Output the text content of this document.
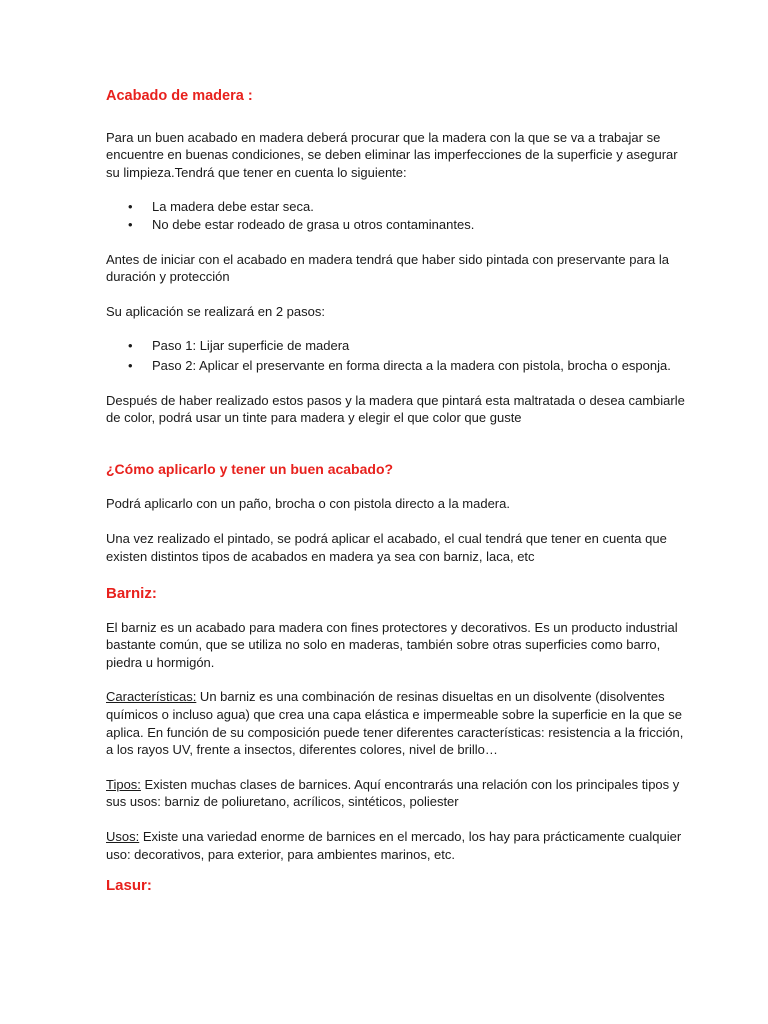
Acabado de madera :

Para un buen acabado en madera deberá procurar que la madera con la que se va a trabajar se encuentre en buenas condiciones, se deben eliminar las imperfecciones de la superficie y asegurar su limpieza.Tendrá que tener en cuenta lo siguiente:

• La madera debe estar seca.
• No debe estar rodeado de grasa u otros contaminantes.

Antes de iniciar con el acabado en madera tendrá que haber sido pintada con preservante para la duración y protección

Su aplicación se realizará en 2 pasos:

• Paso 1: Lijar superficie de madera
• Paso 2: Aplicar el preservante en forma directa a la madera con pistola, brocha o esponja.

Después de haber realizado estos pasos y la madera que pintará esta maltratada o desea cambiarle de color, podrá usar un tinte para madera y elegir el que color que guste

¿Cómo aplicarlo y tener un buen acabado?

Podrá aplicarlo con un paño, brocha o con pistola directo a la madera.

Una vez realizado el pintado, se podrá aplicar el acabado, el cual tendrá que tener en cuenta que existen distintos tipos de acabados en madera ya sea con barniz, laca, etc

Barniz:

El barniz es un acabado para madera con fines protectores y decorativos. Es un producto industrial bastante común, que se utiliza no solo en maderas, también sobre otras superficies como barro, piedra u hormigón.

Características: Un barniz es una combinación de resinas disueltas en un disolvente (disolventes químicos o incluso agua) que crea una capa elástica e impermeable sobre la superficie en la que se aplica. En función de su composición puede tener diferentes características: resistencia a la fricción, a los rayos UV, frente a insectos, diferentes colores, nivel de brillo…

Tipos: Existen muchas clases de barnices. Aquí encontrarás una relación con los principales tipos y sus usos: barniz de poliuretano, acrílicos, sintéticos, poliester

Usos: Existe una variedad enorme de barnices en el mercado, los hay para prácticamente cualquier uso: decorativos, para exterior, para ambientes marinos, etc.

Lasur:
